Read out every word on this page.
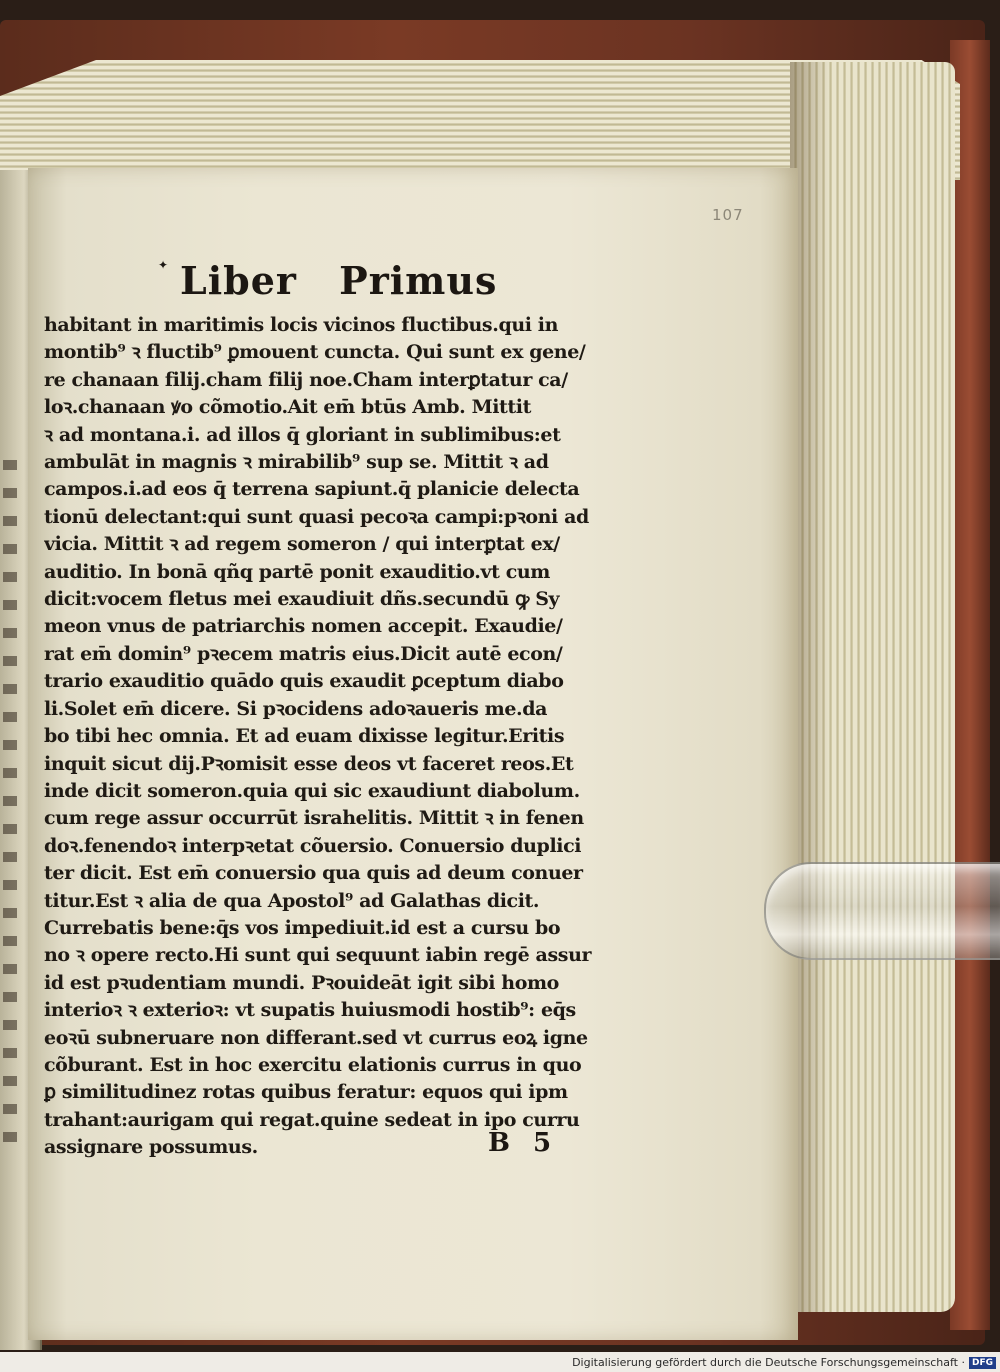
107
✦ Liber Primus
habitant in maritimis locis vicinos fluctibus.qui in
montib⁹ ꝛ fluctib⁹ ꝑmouent cuncta. Qui sunt ex gene/
re chanaan filij.cham filij noe.Cham interꝑtatur ca/
loꝛ.chanaan ꝟo cõmotio.Ait em̄ btūs Amb. Mittit
ꝛ ad montana.i. ad illos q̄ gloriant in sublimibus:et
ambulāt in magnis ꝛ mirabilib⁹ sup se. Mittit ꝛ ad
campos.i.ad eos q̄ terrena sapiunt.q̄ planicie delecta
tionū delectant:qui sunt quasi pecoꝛa campi:pꝛoni ad
vicia. Mittit ꝛ ad regem someron / qui interꝑtat ex/
auditio. In bonā qñq̧ partē ponit exauditio.vt cum
dicit:vocem fletus mei exaudiuit dñs.secundū ꝙ Sy
meon vnus de patriarchis nomen accepit. Exaudie/
rat em̄ domin⁹ pꝛecem matris eius.Dicit autē econ/
trario exauditio quādo quis exaudit ꝑceptum diabo
li.Solet em̄ dicere. Si pꝛocidens adoꝛaueris me.da
bo tibi hec omnia. Et ad euam dixisse legitur.Eritis
inquit sicut dij.Pꝛomisit esse deos vt faceret reos.Et
inde dicit someron.quia qui sic exaudiunt diabolum.
cum rege assur occurrūt israhelitis. Mittit ꝛ in fenen
doꝛ.fenendoꝛ interpꝛetat cõuersio. Conuersio duplici
ter dicit. Est em̄ conuersio qua quis ad deum conuer
titur.Est ꝛ alia de qua Apostol⁹ ad Galathas dicit.
Currebatis bene:q̄s vos impediuit.id est a cursu bo
no ꝛ opere recto.Hi sunt qui sequunt iabin regē assur
id est pꝛudentiam mundi. Pꝛouideāt igit sibi homo
interioꝛ ꝛ exterioꝛ: vt supatis huiusmodi hostib⁹: eq̄s
eoꝛū subneruare non differant.sed vt currus eoꝝ igne
cõburant. Est in hoc exercitu elationis currus in quo
ꝑ similitudinez rotas quibus feratur: equos qui ipm
trahant:aurigam qui regat.quine sedeat in ipo curru
assignare possumus.	B 5
Digitalisierung gefördert durch die Deutsche Forschungsgemeinschaft · DFG
